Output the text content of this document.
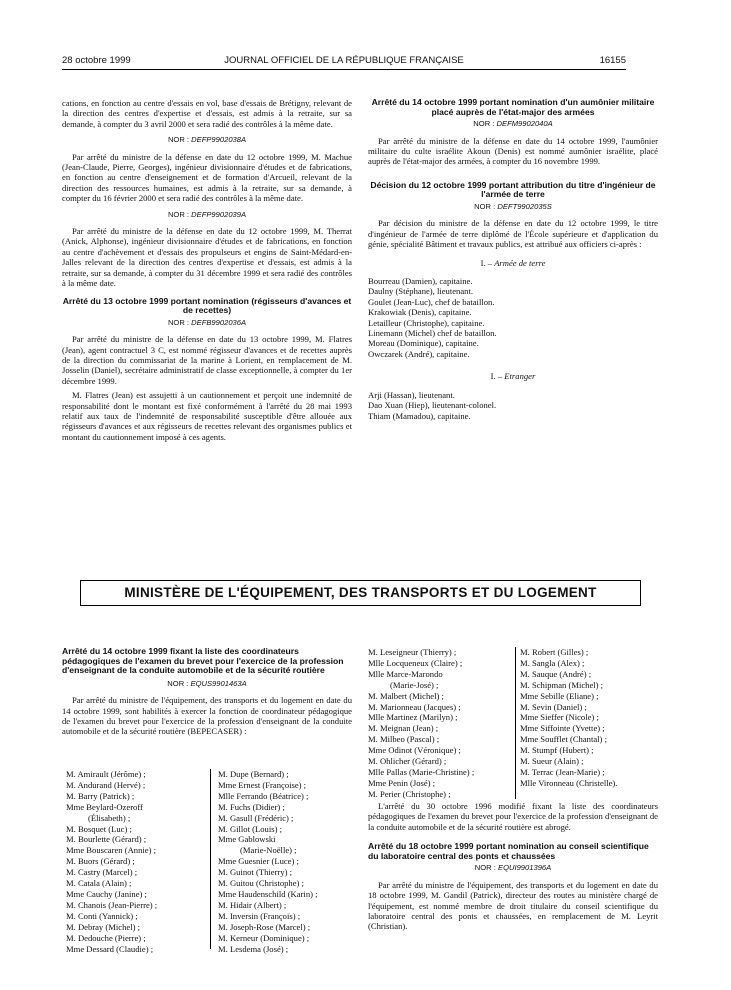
28 octobre 1999	JOURNAL OFFICIEL DE LA RÉPUBLIQUE FRANÇAISE	16155

cations, en fonction au centre d'essais en vol, base d'essais de Brétigny, relevant de la direction des centres d'expertise et d'essais, est admis à la retraite, sur sa demande, à compter du 3 avril 2000 et sera radié des contrôles à la même date.

NOR : DEFP9902038A

Par arrêté du ministre de la défense en date du 12 octobre 1999, M. Machue (Jean-Claude, Pierre, Georges), ingénieur divisionnaire d'études et de fabrications, en fonction au centre d'enseignement et de formation d'Arcueil, relevant de la direction des ressources humaines, est admis à la retraite, sur sa demande, à compter du 16 février 2000 et sera radié des contrôles à la même date.

NOR : DEFP9902039A

Par arrêté du ministre de la défense en date du 12 octobre 1999, M. Therrat (Anick, Alphonse), ingénieur divisionnaire d'études et de fabrications, en fonction au centre d'achèvement et d'essais des propulseurs et engins de Saint-Médard-en-Jalles relevant de la direction des centres d'expertise et d'essais, est admis à la retraite, sur sa demande, à compter du 31 décembre 1999 et sera radié des contrôles à la même date.

Arrêté du 13 octobre 1999 portant nomination (régisseurs d'avances et de recettes)
NOR : DEFB9902036A

Par arrêté du ministre de la défense en date du 13 octobre 1999, M. Flatres (Jean), agent contractuel 3 C, est nommé régisseur d'avances et de recettes auprès de la direction du commissariat de la marine à Lorient, en remplacement de M. Josselin (Daniel), secrétaire administratif de classe exceptionnelle, à compter du 1er décembre 1999.

M. Flatres (Jean) est assujetti à un cautionnement et perçoit une indemnité de responsabilité dont le montant est fixé conformément à l'arrêté du 28 mai 1993 relatif aux taux de l'indemnité de responsabilité susceptible d'être allouée aux régisseurs d'avances et aux régisseurs de recettes relevant des organismes publics et montant du cautionnement imposé à ces agents.

Arrêté du 14 octobre 1999 portant nomination d'un aumônier militaire placé auprès de l'état-major des armées
NOR : DEFM9902040A

Par arrêté du ministre de la défense en date du 14 octobre 1999, l'aumônier militaire du culte israélite Akoun (Denis) est nommé aumônier israélite, placé auprès de l'état-major des armées, à compter du 16 novembre 1999.

Décision du 12 octobre 1999 portant attribution du titre d'ingénieur de l'armée de terre
NOR : DEFT9902035S

Par décision du ministre de la défense en date du 12 octobre 1999, le titre d'ingénieur de l'armée de terre diplômé de l'École supérieure et d'application du génie, spécialité Bâtiment et travaux publics, est attribué aux officiers ci-après :

I. – Armée de terre
Bourreau (Damien), capitaine.
Daulny (Stéphane), lieutenant.
Goulet (Jean-Luc), chef de bataillon.
Krakowiak (Denis), capitaine.
Letailleur (Christophe), capitaine.
Linemann (Michel) chef de bataillon.
Moreau (Dominique), capitaine.
Owczarek (André), capitaine.
I. – Etranger
Arji (Hassan), lieutenant.
Dao Xuan (Hiep), lieutenant-colonel.
Thiam (Mamadou), capitaine.
MINISTÈRE DE L'ÉQUIPEMENT, DES TRANSPORTS ET DU LOGEMENT
Arrêté du 14 octobre 1999 fixant la liste des coordinateurs pédagogiques de l'examen du brevet pour l'exercice de la profession d'enseignant de la conduite automobile et de la sécurité routière
NOR : EQUS9901463A

Par arrêté du ministre de l'équipement, des transports et du logement en date du 14 octobre 1999, sont habilités à exercer la fonction de coordinateur pédagogique de l'examen du brevet pour l'exercice de la profession d'enseignant de la conduite automobile et de la sécurité routière (BEPECASER) :

M. Amirault (Jérôme) ;
M. Andurand (Hervé) ;
M. Barry (Patrick) ;
Mme Beylard-Ozeroff
(Élisabeth) ;
M. Bosquet (Luc) ;
M. Bourlette (Gérard) ;
Mme Bouscaren (Annie) ;
M. Buors (Gérard) ;
M. Castry (Marcel) ;
M. Catala (Alain) ;
Mme Cauchy (Janine) ;
M. Chanois (Jean-Pierre) ;
M. Conti (Yannick) ;
M. Debray (Michel) ;
M. Dedouche (Pierre) ;
Mme Dessard (Claudie) ;
M. Dupe (Bernard) ;
Mme Ernest (Françoise) ;
Mlle Ferrando (Béatrice) ;
M. Fuchs (Didier) ;
M. Gasull (Frédéric) ;
M. Gillot (Louis) ;
Mme Gablowski
(Marie-Noëlle) ;
Mme Guesnier (Luce) ;
M. Guinot (Thierry) ;
M. Guitou (Christophe) ;
Mme Haudenschild (Karin) ;
M. Hidair (Albert) ;
M. Inversin (François) ;
M. Joseph-Rose (Marcel) ;
M. Kerneur (Dominique) ;
M. Lesdema (José) ;
M. Leseigneur (Thierry) ;
Mlle Locqueneux (Claire) ;
Mlle Marce-Marondo
(Marie-José) ;
M. Malbert (Michel) ;
M. Marionneau (Jacques) ;
Mlle Martinez (Marilyn) ;
M. Meignan (Jean) ;
M. Milbeo (Pascal) ;
Mme Odinot (Véronique) ;
M. Ohlicher (Gérard) ;
Mlle Pallas (Marie-Christine) ;
Mme Penin (José) ;
M. Perier (Christophe) ;
M. Robert (Gilles) ;
M. Sangla (Alex) ;
M. Sauque (André) ;
M. Schipman (Michel) ;
Mme Sebille (Eliane) ;
M. Sevin (Daniel) ;
Mme Sieffer (Nicole) ;
Mme Siffointe (Yvette) ;
Mme Soufflet (Chantal) ;
M. Stumpf (Hubert) ;
M. Sueur (Alain) ;
M. Terrac (Jean-Marie) ;
Mlle Vironneau (Christelle).

L'arrêté du 30 octobre 1996 modifié fixant la liste des coordinateurs pédagogiques de l'examen du brevet pour l'exercice de la profession d'enseignant de la conduite automobile et de la sécurité routière est abrogé.

Arrêté du 18 octobre 1999 portant nomination au conseil scientifique du laboratoire central des ponts et chaussées
NOR : EQUI9901396A

Par arrêté du ministre de l'équipement, des transports et du logement en date du 18 octobre 1999, M. Gandil (Patrick), directeur des routes au ministère chargé de l'équipement, est nommé membre de droit titulaire du conseil scientifique du laboratoire central des ponts et chaussées, en remplacement de M. Leyrit (Christian).
